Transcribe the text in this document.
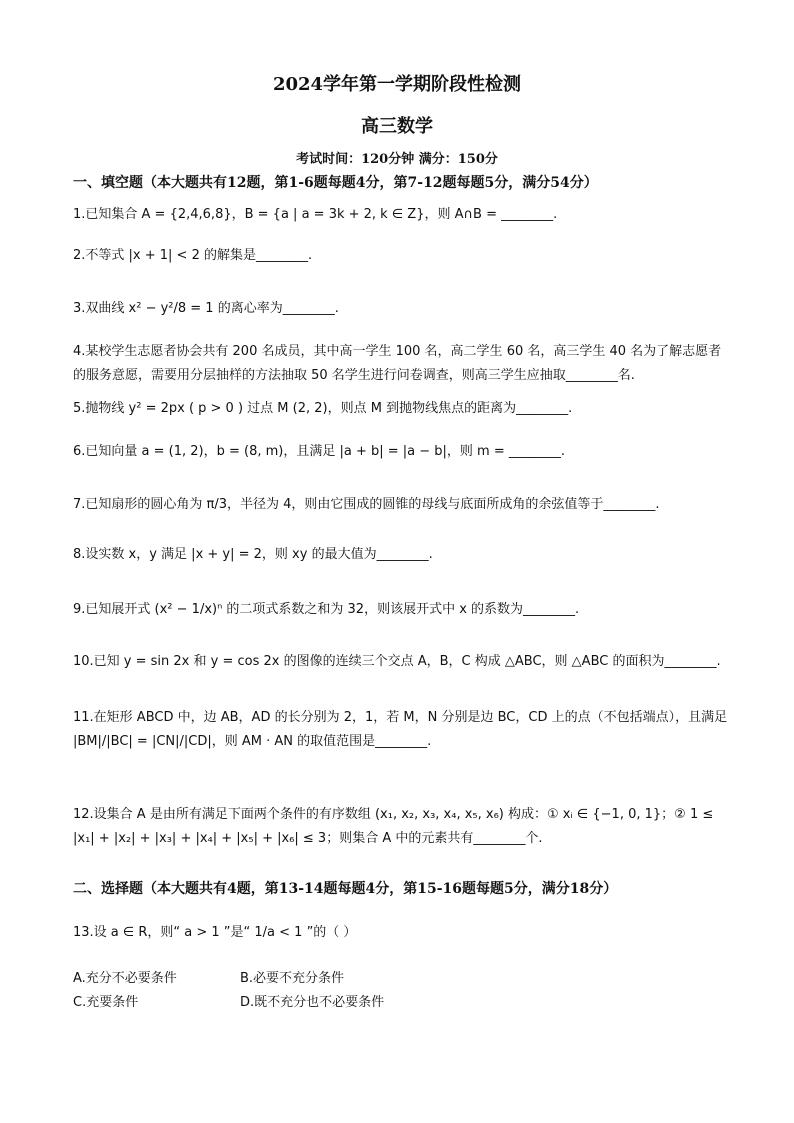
2024学年第一学期阶段性检测
高三数学
考试时间：120分钟 满分：150分
一、填空题（本大题共有12题，第1-6题每题4分，第7-12题每题5分，满分54分）
1.已知集合 A = {2,4,6,8}，B = {a | a = 3k + 2, k ∈ Z}，则 A∩B = ________.
2.不等式 |x + 1| < 2 的解集是________.
3.双曲线 x² − y²/8 = 1 的离心率为________.
4.某校学生志愿者协会共有 200 名成员，其中高一学生 100 名，高二学生 60 名，高三学生 40 名为了解志愿者的服务意愿，需要用分层抽样的方法抽取 50 名学生进行问卷调查，则高三学生应抽取________名.
5.抛物线 y² = 2px ( p > 0 ) 过点 M (2, 2)，则点 M 到抛物线焦点的距离为________.
6.已知向量 a = (1, 2)，b = (8, m)，且满足 |a + b| = |a − b|，则 m = ________.
7.已知扇形的圆心角为 π/3，半径为 4，则由它围成的圆锥的母线与底面所成角的余弦值等于________.
8.设实数 x，y 满足 |x + y| = 2，则 xy 的最大值为________.
9.已知展开式 (x² − 1/x)ⁿ 的二项式系数之和为 32，则该展开式中 x 的系数为________.
10.已知 y = sin 2x 和 y = cos 2x 的图像的连续三个交点 A，B，C 构成 △ABC，则 △ABC 的面积为________.
11.在矩形 ABCD 中，边 AB，AD 的长分别为 2，1，若 M，N 分别是边 BC，CD 上的点（不包括端点），且满足 |BM|/|BC| = |CN|/|CD|，则 AM · AN 的取值范围是________.
12.设集合 A 是由所有满足下面两个条件的有序数组 (x₁, x₂, x₃, x₄, x₅, x₆) 构成：① xᵢ ∈ {−1, 0, 1}；② 1 ≤ |x₁| + |x₂| + |x₃| + |x₄| + |x₅| + |x₆| ≤ 3；则集合 A 中的元素共有________个.
二、选择题（本大题共有4题，第13-14题每题4分，第15-16题每题5分，满分18分）
13.设 a ∈ R，则“ a > 1 ”是“ 1/a < 1 ”的（ ）
A.充分不必要条件	B.必要不充分条件
C.充要条件	D.既不充分也不必要条件
